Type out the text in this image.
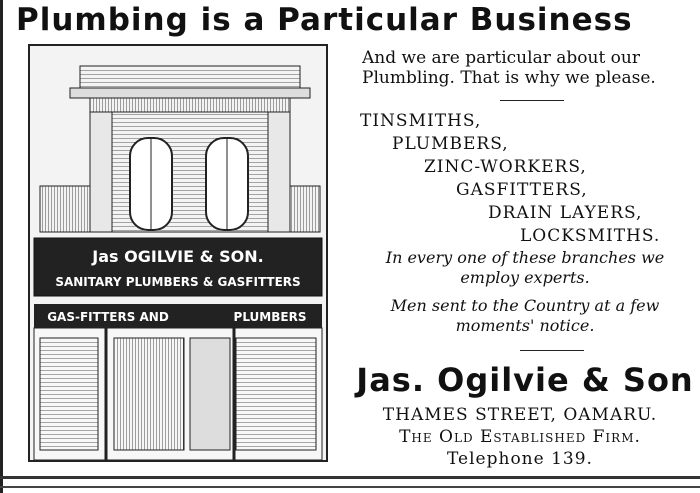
Plumbing is a Particular Business
Jas OGILVIE & SON.
SANITARY PLUMBERS & GASFITTERS
GAS-FITTERS AND	PLUMBERS
And we are particular about our
Plumbling. That is why we please.
TINSMITHS,
PLUMBERS,
ZINC-WORKERS,
GASFITTERS,
DRAIN LAYERS,
LOCKSMITHS.
In every one of these branches we
employ experts.
Men sent to the Country at a few
moments' notice.
Jas. Ogilvie & Son
THAMES STREET, OAMARU.
The Old Established Firm.
Telephone 139.
